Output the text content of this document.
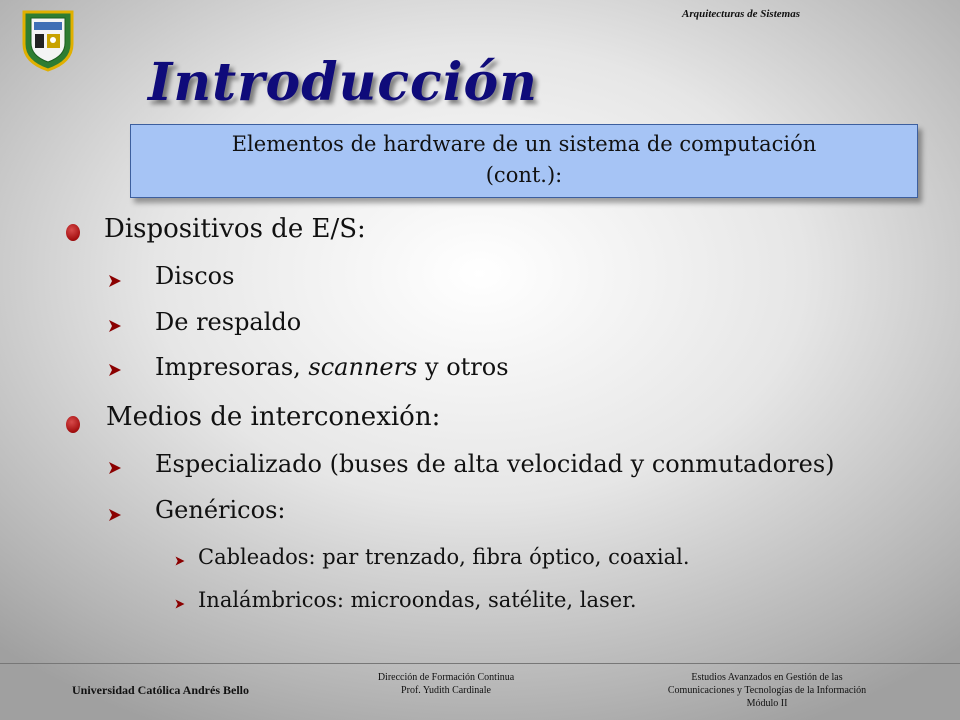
Arquitecturas de Sistemas
Introducción
Elementos de hardware de un sistema de computación
(cont.):
Dispositivos de E/S:
Discos
De respaldo
Impresoras, scanners y otros
Medios de interconexión:
Especializado (buses de alta velocidad y conmutadores)
Genéricos:
Cableados: par trenzado, fibra óptico, coaxial.
Inalámbricos: microondas, satélite, laser.
Universidad Católica Andrés Bello
Dirección de Formación Continua
Prof. Yudith Cardinale
Estudios Avanzados en Gestión de las
Comunicaciones y Tecnologías de la Información
Módulo II
